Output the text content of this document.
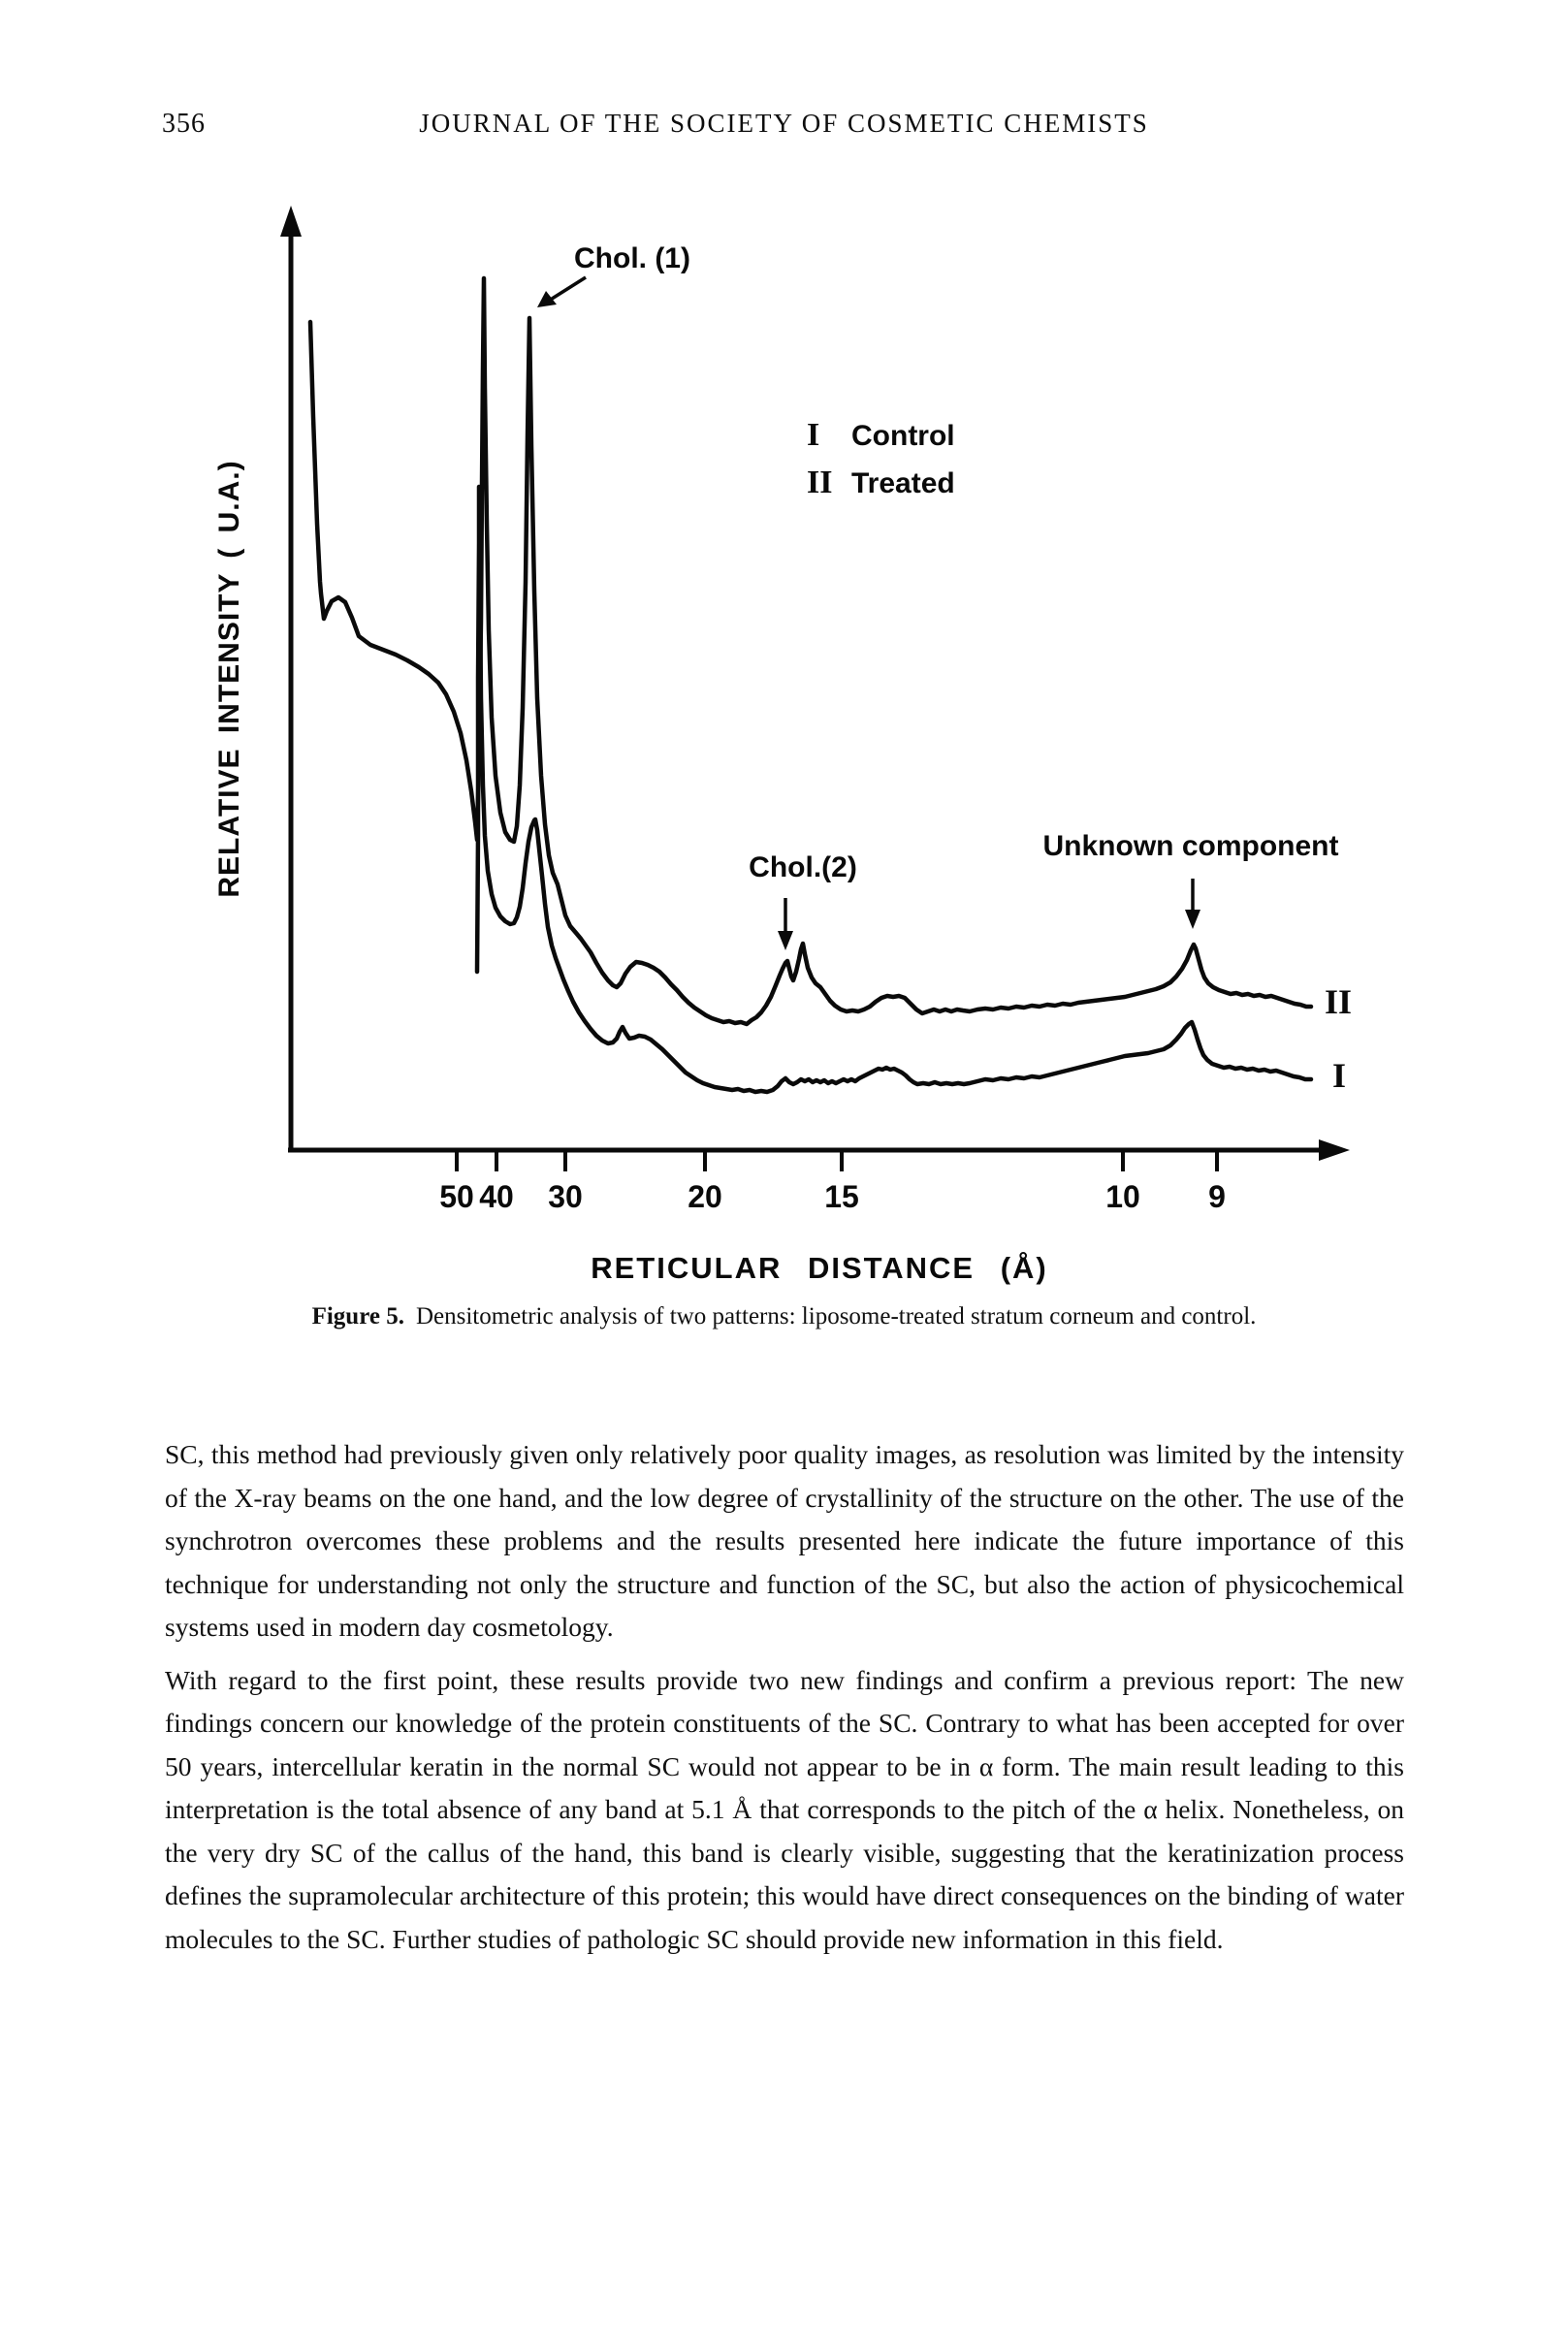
356	JOURNAL OF THE SOCIETY OF COSMETIC CHEMISTS
RELATIVE INTENSITY ( U.A.)
Chol. (1)
Chol.(2)
Unknown component
I	Control
II Treated
II
I
50 40 30	20	15	10 9
RETICULAR DISTANCE (Å)
Figure 5. Densitometric analysis of two patterns: liposome-treated stratum corneum and control.

SC, this method had previously given only relatively poor quality images, as resolution was limited by the intensity of the X-ray beams on the one hand, and the low degree of crystallinity of the structure on the other. The use of the synchrotron overcomes these problems and the results presented here indicate the future importance of this technique for understanding not only the structure and function of the SC, but also the action of physicochemical systems used in modern day cosmetology.

With regard to the first point, these results provide two new findings and confirm a previous report: The new findings concern our knowledge of the protein constituents of the SC. Contrary to what has been accepted for over 50 years, intercellular keratin in the normal SC would not appear to be in α form. The main result leading to this interpretation is the total absence of any band at 5.1 Å that corresponds to the pitch of the α helix. Nonetheless, on the very dry SC of the callus of the hand, this band is clearly visible, suggesting that the keratinization process defines the supramolecular architecture of this protein; this would have direct consequences on the binding of water molecules to the SC. Further studies of pathologic SC should provide new information in this field.
